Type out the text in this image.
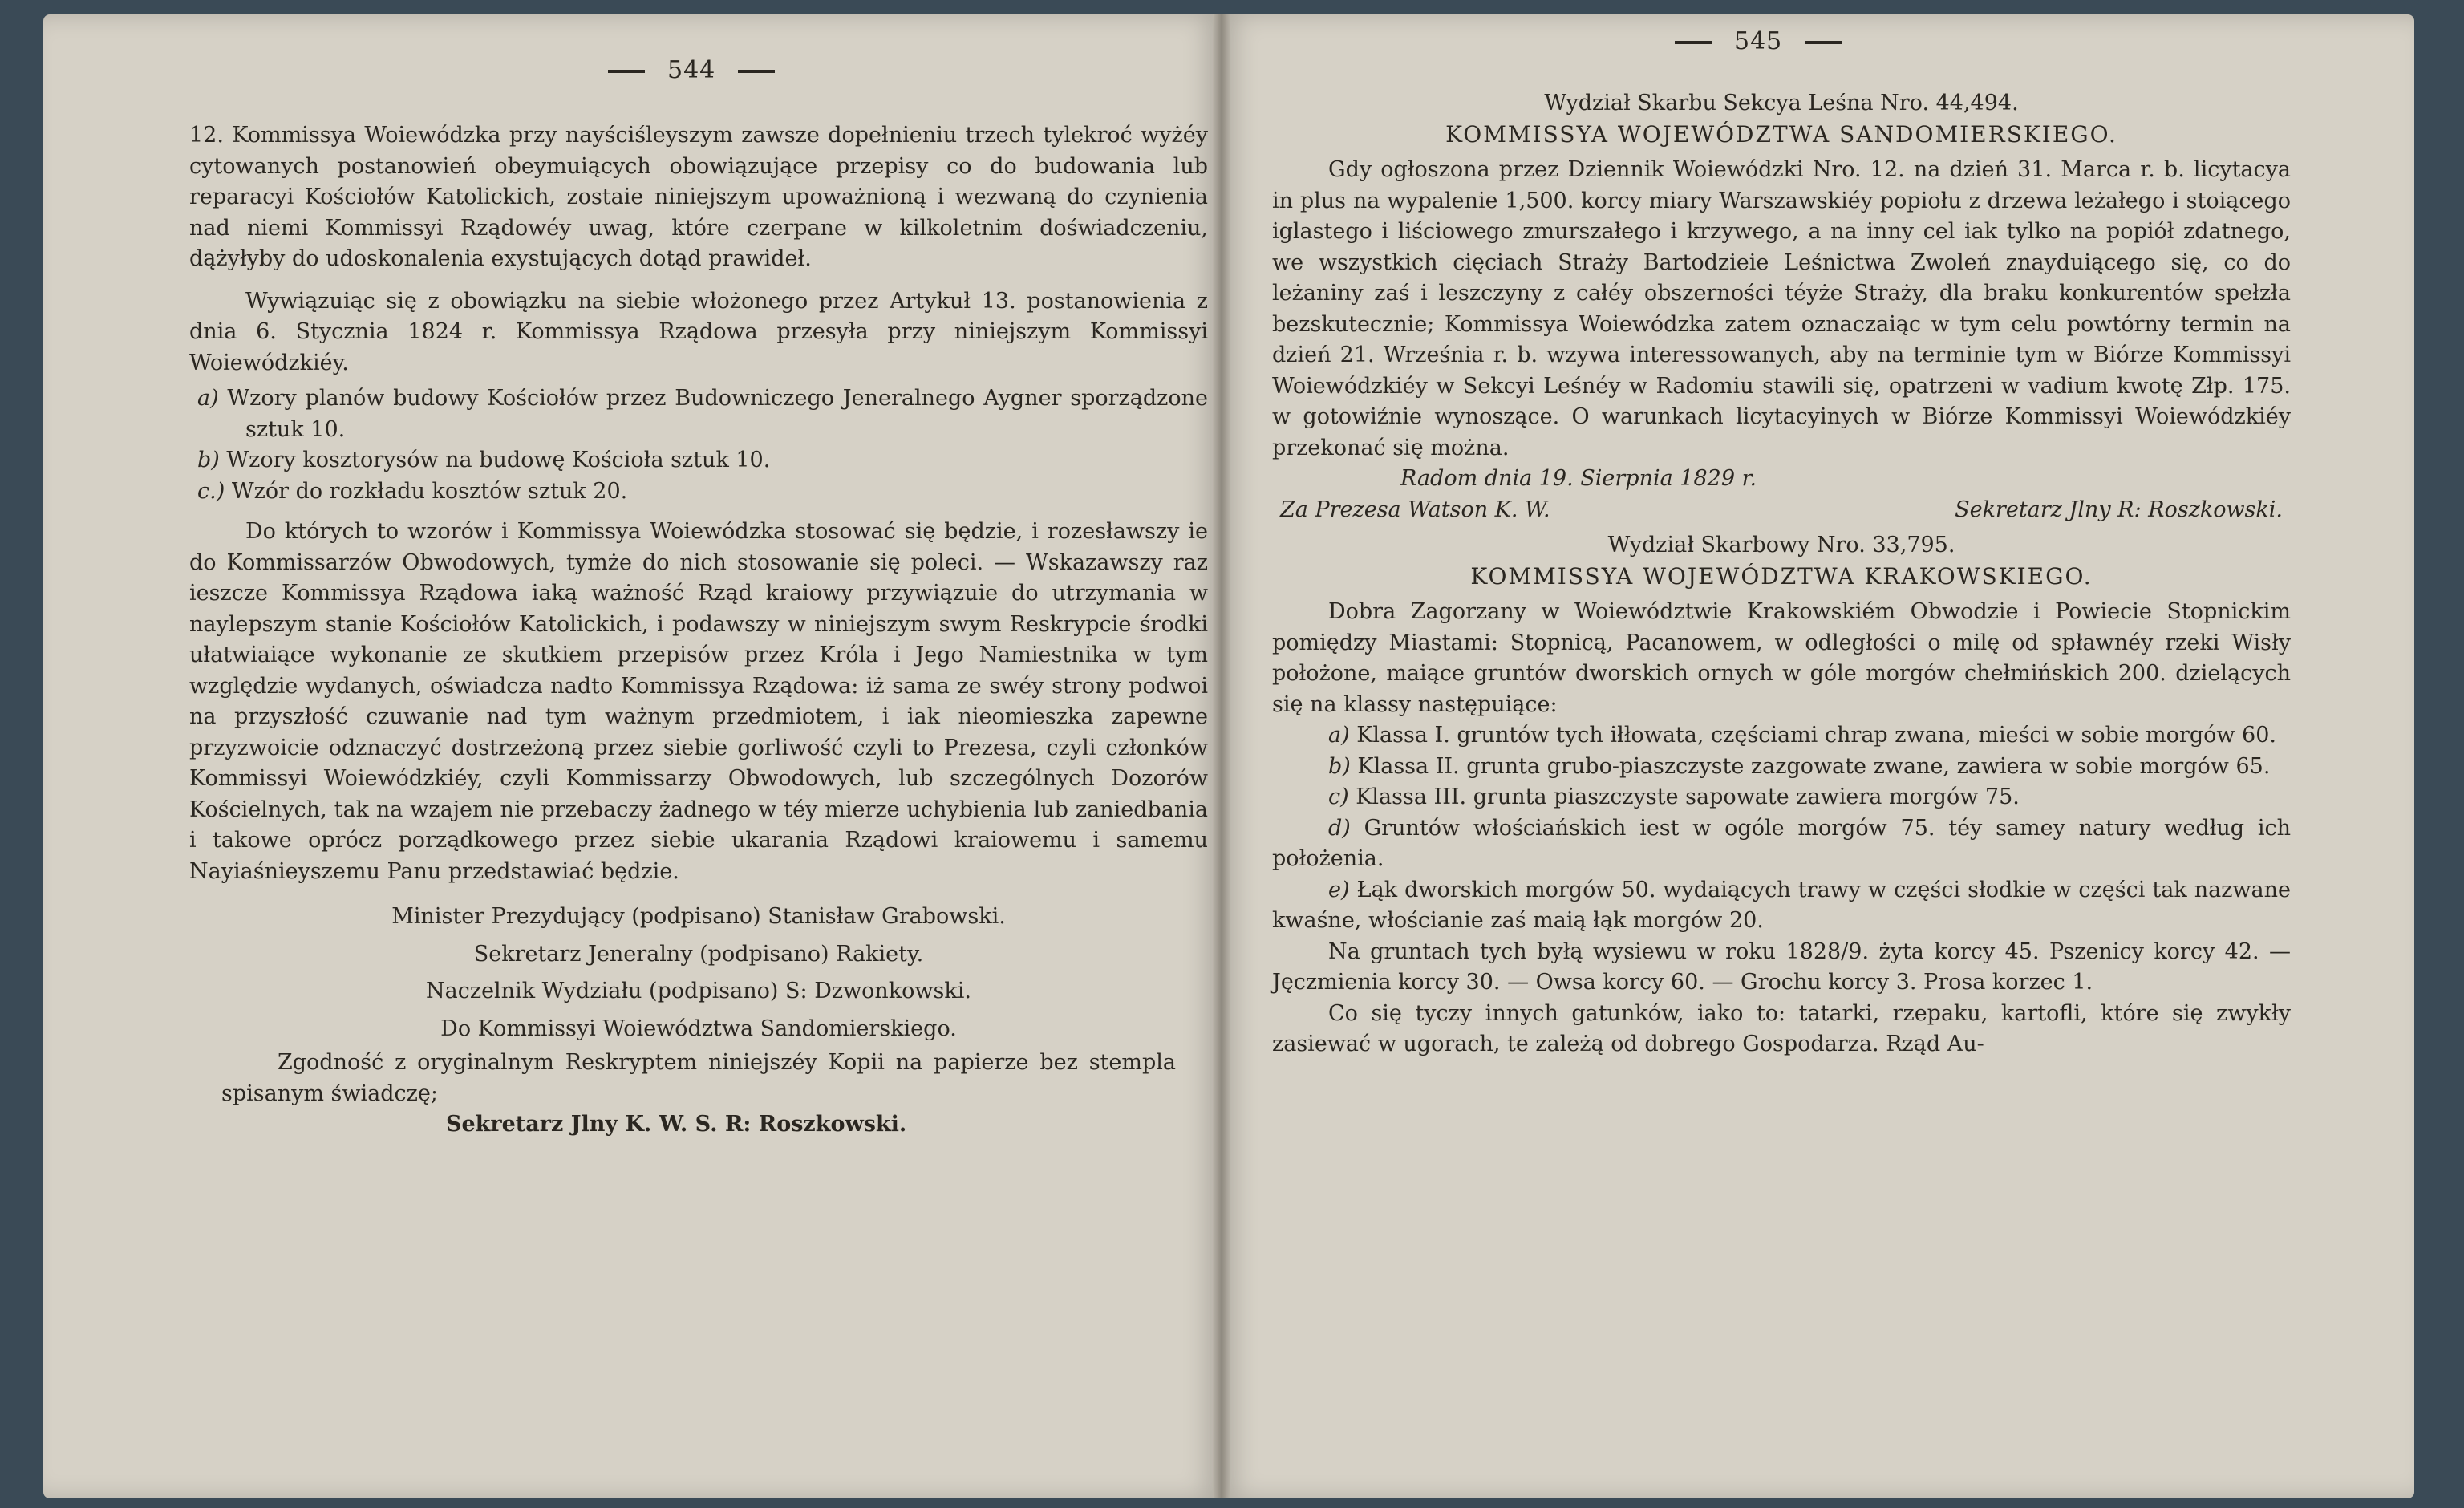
544

12. Kommissya Woiewódzka przy nayściśleyszym zawsze dopełnieniu trzech tylekroć wyżéy cytowanych postanowień obeymuiących obowiązujące przepisy co do budowania lub reparacyi Kościołów Katolickich, zostaie niniejszym upoważnioną i wezwaną do czynienia nad niemi Kommissyi Rządowéy uwag, które czerpane w kilkoletnim doświadczeniu, dążyłyby do udoskonalenia exystujących dotąd prawideł.

Wywiązuiąc się z obowiązku na siebie włożonego przez Artykuł 13. postanowienia z dnia 6. Stycznia 1824 r. Kommissya Rządowa przesyła przy niniejszym Kommissyi Woiewódzkiéy.

a) Wzory planów budowy Kościołów przez Budowniczego Jeneralnego Aygner sporządzone sztuk 10.

b) Wzory kosztorysów na budowę Kościoła sztuk 10.

c.) Wzór do rozkładu kosztów sztuk 20.

Do których to wzorów i Kommissya Woiewódzka stosować się będzie, i rozesławszy ie do Kommissarzów Obwodowych, tymże do nich stosowanie się poleci. — Wskazawszy raz ieszcze Kommissya Rządowa iaką ważność Rząd kraiowy przywiązuie do utrzymania w naylepszym stanie Kościołów Katolickich, i podawszy w niniejszym swym Reskrypcie środki ułatwiaiące wykonanie ze skutkiem przepisów przez Króla i Jego Namiestnika w tym względzie wydanych, oświadcza nadto Kommissya Rządowa: iż sama ze swéy strony podwoi na przyszłość czuwanie nad tym ważnym przedmiotem, i iak nieomieszka zapewne przyzwoicie odznaczyć dostrzeżoną przez siebie gorliwość czyli to Prezesa, czyli członków Kommissyi Woiewódzkiéy, czyli Kommissarzy Obwodowych, lub szczególnych Dozorów Kościelnych, tak na wzajem nie przebaczy żadnego w téy mierze uchybienia lub zaniedbania i takowe oprócz porządkowego przez siebie ukarania Rządowi kraiowemu i samemu Nayiaśnieyszemu Panu przedstawiać będzie.

Minister Prezydujący (podpisano) Stanisław Grabowski.

Sekretarz Jeneralny (podpisano) Rakiety.

Naczelnik Wydziału (podpisano) S: Dzwonkowski.

Do Kommissyi Woiewództwa Sandomierskiego.

Zgodność z oryginalnym Reskryptem niniejszéy Kopii na papierze bez stempla spisanym świadczę;

Sekretarz Jlny K. W. S. R: Roszkowski.

545

Wydział Skarbu Sekcya Leśna Nro. 44,494.

KOMMISSYA WOJEWÓDZTWA SANDOMIERSKIEGO.

Gdy ogłoszona przez Dziennik Woiewódzki Nro. 12. na dzień 31. Marca r. b. licytacya in plus na wypalenie 1,500. korcy miary Warszawskiéy popiołu z drzewa leżałego i stoiącego iglastego i liściowego zmurszałego i krzywego, a na inny cel iak tylko na popiół zdatnego, we wszystkich cięciach Straży Bartodzieie Leśnictwa Zwoleń znayduiącego się, co do leżaniny zaś i leszczyny z całéy obszerności téyże Straży, dla braku konkurentów spełzła bezskutecznie; Kommissya Woiewódzka zatem oznaczaiąc w tym celu powtórny termin na dzień 21. Września r. b. wzywa interessowanych, aby na terminie tym w Biórze Kommissyi Woiewódzkiéy w Sekcyi Leśnéy w Radomiu stawili się, opatrzeni w vadium kwotę Złp. 175. w gotowiźnie wynoszące. O warunkach licytacyinych w Biórze Kommissyi Woiewódzkiéy przekonać się można.

Radom dnia 19. Sierpnia 1829 r.

Za Prezesa Watson K. W.	Sekretarz Jlny R: Roszkowski.

Wydział Skarbowy Nro. 33,795.

KOMMISSYA WOJEWÓDZTWA KRAKOWSKIEGO.

Dobra Zagorzany w Woiewództwie Krakowskiém Obwodzie i Powiecie Stopnickim pomiędzy Miastami: Stopnicą, Pacanowem, w odległości o milę od spławnéy rzeki Wisły położone, maiące gruntów dworskich ornych w góle morgów chełmińskich 200. dzielących się na klassy następuiące:

a) Klassa I. gruntów tych iłłowata, częściami chrap zwana, mieści w sobie morgów 60.

b) Klassa II. grunta grubo-piaszczyste zazgowate zwane, zawiera w sobie morgów 65.

c) Klassa III. grunta piaszczyste sapowate zawiera morgów 75.

d) Gruntów włościańskich iest w ogóle morgów 75. téy samey natury według ich położenia.

e) Łąk dworskich morgów 50. wydaiących trawy w części słodkie w części tak nazwane kwaśne, włościanie zaś maią łąk morgów 20.

Na gruntach tych byłą wysiewu w roku 1828/9. żyta korcy 45. Pszenicy korcy 42. — Jęczmienia korcy 30. — Owsa korcy 60. — Grochu korcy 3. Prosa korzec 1.

Co się tyczy innych gatunków, iako to: tatarki, rzepaku, kartofli, które się zwykły zasiewać w ugorach, te zależą od dobrego Gospodarza. Rząd Au-
